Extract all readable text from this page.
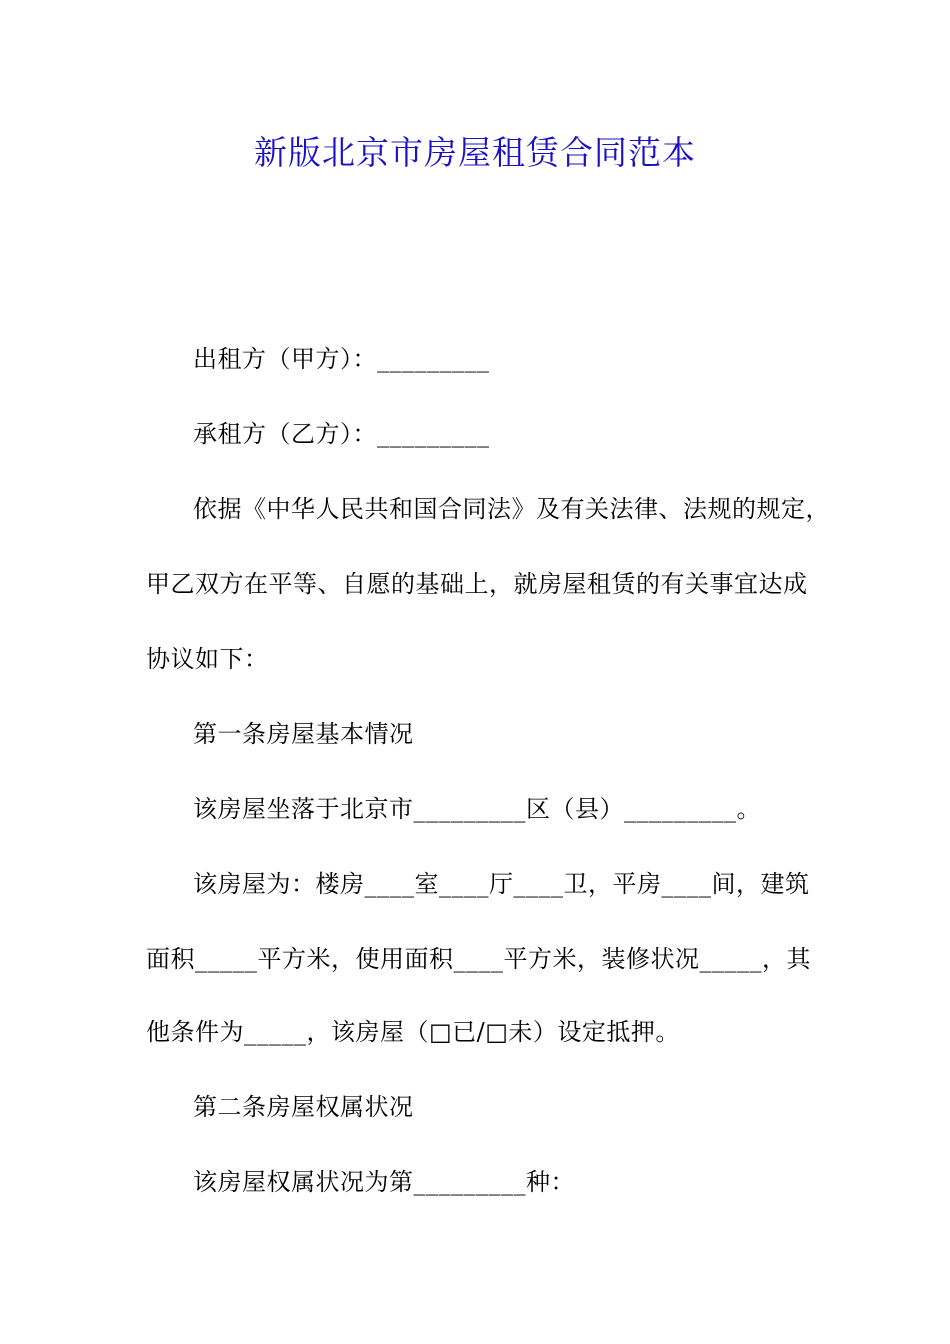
新版北京市房屋租赁合同范本
出租方（甲方）：_________
承租方（乙方）：_________
依据《中华人民共和国合同法》及有关法律、法规的规定，
甲乙双方在平等、自愿的基础上，就房屋租赁的有关事宜达成
协议如下：
第一条房屋基本情况
该房屋坐落于北京市_________区（县）_________。
该房屋为：楼房____室____厅____卫，平房____间，建筑
面积_____平方米，使用面积____平方米，装修状况_____，其
他条件为_____，该房屋（□已/□未）设定抵押。
第二条房屋权属状况
该房屋权属状况为第_________种：
